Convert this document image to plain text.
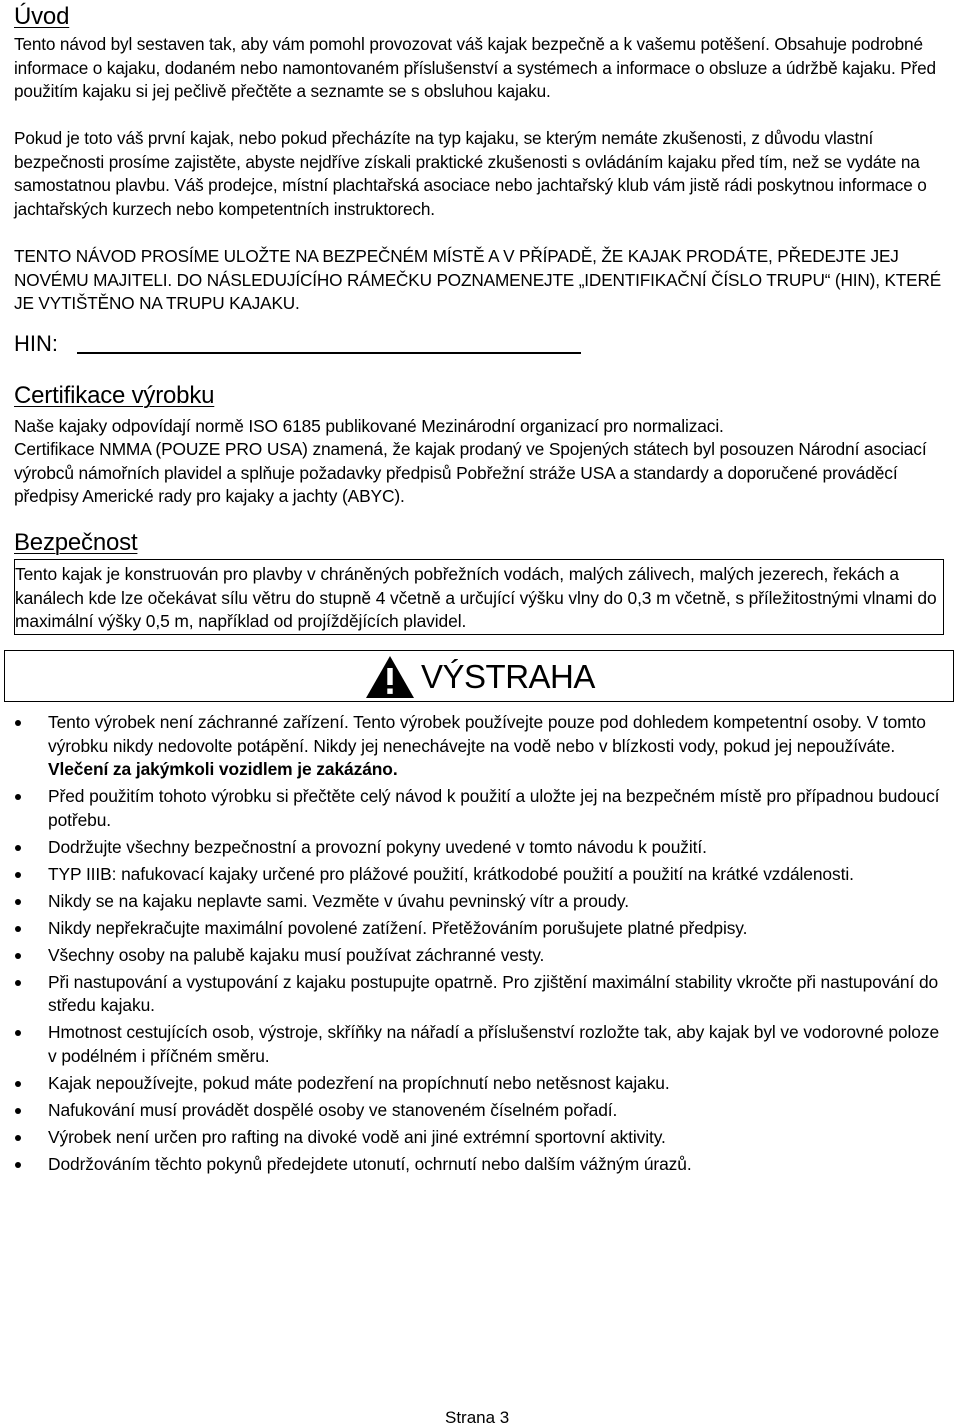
Úvod

Tento návod byl sestaven tak, aby vám pomohl provozovat váš kajak bezpečně a k vašemu potěšení. Obsahuje podrobné informace o kajaku, dodaném nebo namontovaném příslušenství a systémech a informace o obsluze a údržbě kajaku. Před použitím kajaku si jej pečlivě přečtěte a seznamte se s obsluhou kajaku.

Pokud je toto váš první kajak, nebo pokud přecházíte na typ kajaku, se kterým nemáte zkušenosti, z důvodu vlastní bezpečnosti prosíme zajistěte, abyste nejdříve získali praktické zkušenosti s ovládáním kajaku před tím, než se vydáte na samostatnou plavbu. Váš prodejce, místní plachtařská asociace nebo jachtařský klub vám jistě rádi poskytnou informace o jachtařských kurzech nebo kompetentních instruktorech.

TENTO NÁVOD PROSÍME ULOŽTE NA BEZPEČNÉM MÍSTĚ A V PŘÍPADĚ, ŽE KAJAK PRODÁTE, PŘEDEJTE JEJ NOVÉMU MAJITELI. DO NÁSLEDUJÍCÍHO RÁMEČKU POZNAMENEJTE „IDENTIFIKAČNÍ ČÍSLO TRUPU“ (HIN), KTERÉ JE VYTIŠTĚNO NA TRUPU KAJAKU.

HIN:
Certifikace výrobku

Naše kajaky odpovídají normě ISO 6185 publikované Mezinárodní organizací pro normalizaci.

Certifikace NMMA (POUZE PRO USA) znamená, že kajak prodaný ve Spojených státech byl posouzen Národní asociací výrobců námořních plavidel a splňuje požadavky předpisů Pobřežní stráže USA a standardy a doporučené prováděcí předpisy Americké rady pro kajaky a jachty (ABYC).

Bezpečnost

Tento kajak je konstruován pro plavby v chráněných pobřežních vodách, malých zálivech, malých jezerech, řekách a kanálech kde lze očekávat sílu větru do stupně 4 včetně a určující výšku vlny do 0,3 m včetně, s příležitostnými vlnami do maximální výšky 0,5 m, například od projíždějících plavidel.

VÝSTRAHA
Tento výrobek není záchranné zařízení. Tento výrobek používejte pouze pod dohledem kompetentní osoby. V tomto výrobku nikdy nedovolte potápění. Nikdy jej nenechávejte na vodě nebo v blízkosti vody, pokud jej nepoužíváte. Vlečení za jakýmkoli vozidlem je zakázáno.
Před použitím tohoto výrobku si přečtěte celý návod k použití a uložte jej na bezpečném místě pro případnou budoucí potřebu.
Dodržujte všechny bezpečnostní a provozní pokyny uvedené v tomto návodu k použití.
TYP IIIB: nafukovací kajaky určené pro plážové použití, krátkodobé použití a použití na krátké vzdálenosti.
Nikdy se na kajaku neplavte sami. Vezměte v úvahu pevninský vítr a proudy.
Nikdy nepřekračujte maximální povolené zatížení. Přetěžováním porušujete platné předpisy.
Všechny osoby na palubě kajaku musí používat záchranné vesty.
Při nastupování a vystupování z kajaku postupujte opatrně. Pro zjištění maximální stability vkročte při nastupování do středu kajaku.
Hmotnost cestujících osob, výstroje, skříňky na nářadí a příslušenství rozložte tak, aby kajak byl ve vodorovné poloze v podélném i příčném směru.
Kajak nepoužívejte, pokud máte podezření na propíchnutí nebo netěsnost kajaku.
Nafukování musí provádět dospělé osoby ve stanoveném číselném pořadí.
Výrobek není určen pro rafting na divoké vodě ani jiné extrémní sportovní aktivity.
Dodržováním těchto pokynů předejdete utonutí, ochrnutí nebo dalším vážným úrazů.
Strana 3
